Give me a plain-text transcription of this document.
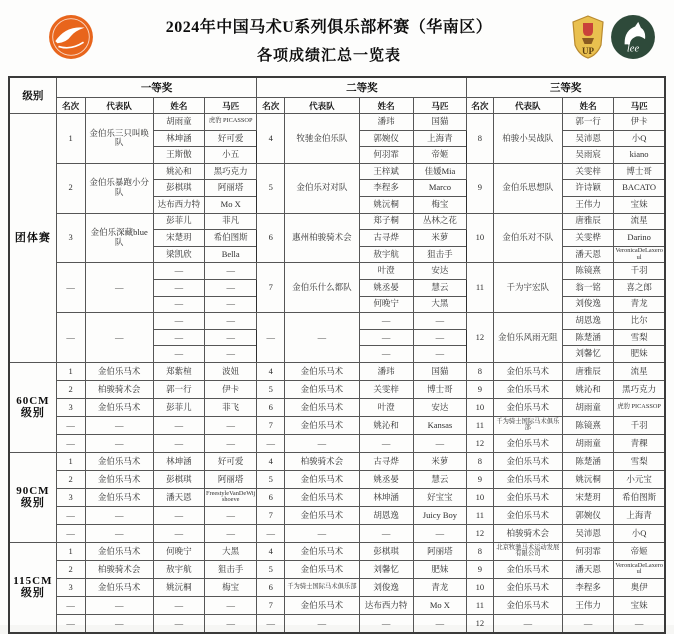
2024年中国马术U系列俱乐部杯赛（华南区）
各项成绩汇总一览表	UP	lee
级别	一等奖				二等奖				三等奖			
	名次	代表队	姓名	马匹	名次	代表队	姓名	马匹	名次	代表队	姓名	马匹
团体赛	1	金伯乐三只叫唤队	胡雨童	虎豹 PICASSOP	4	牧驰金伯乐队	潘玮	国猫	8	柏骏小吴战队	郭一行	伊卡
			林坤涵	好可爱			郭婉仪	上海青			吴沛恩	小Q
			王斯傲	小五			何羽霏	帝姬			吴雨宸	kiano
	2	金伯乐暴跑小分队	姚沁和	黑巧克力	5	金伯乐对对队	王梓斌	佳媛Mia	9	金伯乐思想队	关雯梓	博士哥
			彭棋琪	阿丽塔			李程多	Marco			许诗颖	BACATO
			达布西力特	Mo X			姚沅桐	梅宝			王伟力	宝妹
	3	金伯乐深藏blue队	彭菲儿	菲凡	6	惠州柏骏骑术会	郑子桐	丛林之花	10	金伯乐对不队	唐雅辰	流星
			宋楚玥	希伯图斯			古寻烨	米萝			关雯桦	Darino
			梁凯欣	Bella			敖宇航	狙击手			潘天恩	VeronicaDeLaxeroul
	—	—	—	—	7	金伯乐什么都队	叶澄	安达	11	千为宇宏队	陈镜熹	千羽
			—	—			姚丞晏	慧云			翁一铭	喜之郎
			—	—			何晚宁	大黑			刘俊逸	青龙
	—	—	—	—	—	—	—	—	12	金伯乐风雨无阻	胡恩逸	比尔
			—	—			—	—			陈楚涵	雪梨
			—	—			—	—			刘馨忆	肥妹
60CM级别	1	金伯乐马术	郑紫楦	波妞	4	金伯乐马术	潘玮	国猫	8	金伯乐马术	唐雅辰	流星
	2	柏骏骑术会	郭一行	伊卡	5	金伯乐马术	关雯梓	博士哥	9	金伯乐马术	姚沁和	黑巧克力
	3	金伯乐马术	彭菲儿	菲飞	6	金伯乐马术	叶澄	安达	10	金伯乐马术	胡雨童	虎豹 PICASSOP
	—	—	—	—	7	金伯乐马术	姚沁和	Kansas	11	千为骑士国际马术俱乐部	陈镜熹	千羽
	—	—	—	—	—	—	—	—	12	金伯乐马术	胡雨童	青稞
90CM级别	1	金伯乐马术	林坤涵	好可爱	4	柏骏骑术会	古寻烨	米萝	8	金伯乐马术	陈楚涵	雪梨
	2	金伯乐马术	彭棋琪	阿丽塔	5	金伯乐马术	姚丞晏	慧云	9	金伯乐马术	姚沅桐	小元宝
	3	金伯乐马术	潘天恩	FreestyleVanDeWijshoeve	6	金伯乐马术	林坤涵	好宝宝	10	金伯乐马术	宋楚玥	希伯图斯
	—	—	—	—	7	金伯乐马术	胡恩逸	Juicy Boy	11	金伯乐马术	郭婉仪	上海青
	—	—	—	—	—	—	—	—	12	柏骏骑术会	吴沛恩	小Q
115CM级别	1	金伯乐马术	何晚宁	大黑	4	金伯乐马术	彭棋琪	阿丽塔	8	北京牧驰马术运动发展有限公司	何羽霏	帝姬
	2	柏骏骑术会	敖宇航	狙击手	5	金伯乐马术	刘馨忆	肥妹	9	金伯乐马术	潘天恩	VeronicaDeLaxeroul
	3	金伯乐马术	姚沅桐	梅宝	6	千为骑士国际马术俱乐部	刘俊逸	青龙	10	金伯乐马术	李程多	奥伊
	—	—	—	—	7	金伯乐马术	达布西力特	Mo X	11	金伯乐马术	王伟力	宝妹
	—	—	—	—	—	—	—	—	12	—	—	—
